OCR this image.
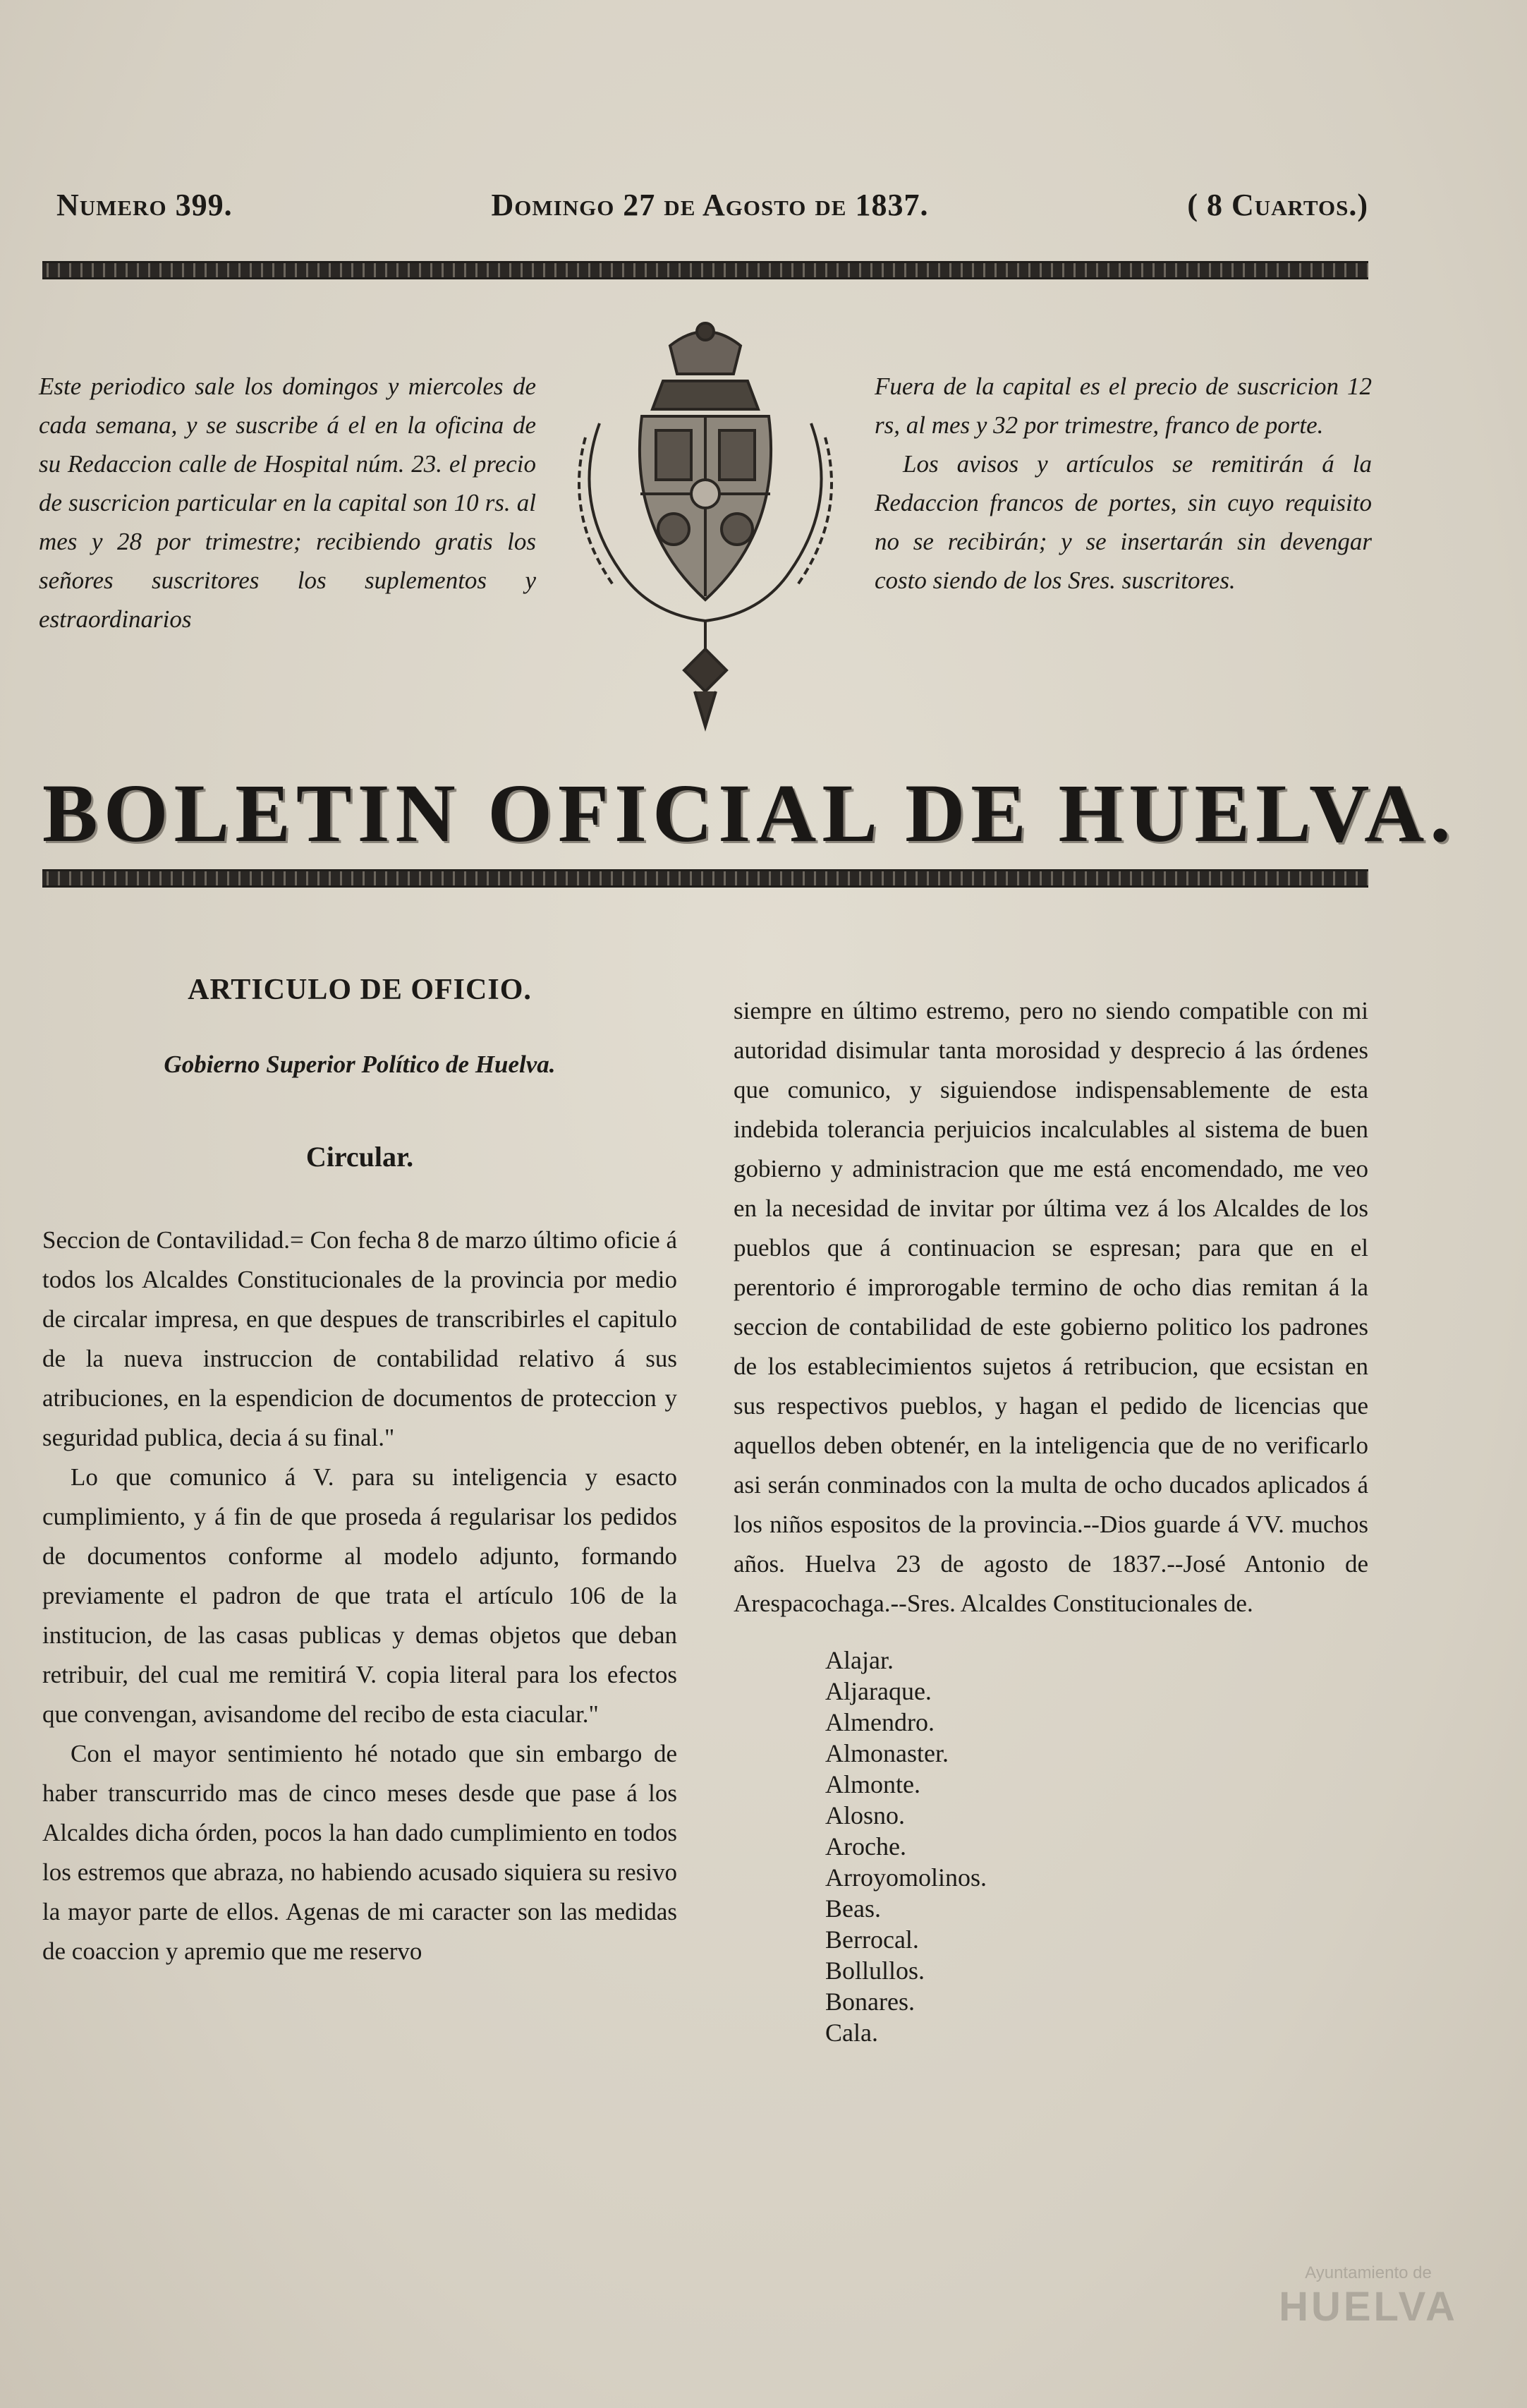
Numero 399.	Domingo 27 de Agosto de 1837.	( 8 Cuartos.)

Este periodico sale los domingos y miercoles de cada semana, y se suscribe á el en la oficina de su Redaccion calle de Hospital núm. 23. el precio de suscricion particular en la capital son 10 rs. al mes y 28 por trimestre; recibiendo gratis los señores suscritores los suplementos y estraordinarios

Fuera de la capital es el precio de suscricion 12 rs, al mes y 32 por trimestre, franco de porte.

Los avisos y artículos se remitirán á la Redaccion francos de portes, sin cuyo requisito no se recibirán; y se insertarán sin devengar costo siendo de los Sres. suscritores.

BOLETIN OFICIAL DE HUELVA.
ARTICULO DE OFICIO.
Gobierno Superior Político de Huelva.
Circular.

Seccion de Contavilidad.= Con fecha 8 de marzo último oficie á todos los Alcaldes Constitucionales de la provincia por medio de circalar impresa, en que despues de transcribirles el capitulo de la nueva instruccion de contabilidad relativo á sus atribuciones, en la espendicion de documentos de proteccion y seguridad publica, decia á su final."

Lo que comunico á V. para su inteligencia y esacto cumplimiento, y á fin de que proseda á regularisar los pedidos de documentos conforme al modelo adjunto, formando previamente el padron de que trata el artículo 106 de la institucion, de las casas publicas y demas objetos que deban retribuir, del cual me remitirá V. copia literal para los efectos que convengan, avisandome del recibo de esta ciacular."

Con el mayor sentimiento hé notado que sin embargo de haber transcurrido mas de cinco meses desde que pase á los Alcaldes dicha órden, pocos la han dado cumplimiento en todos los estremos que abraza, no habiendo acusado siquiera su resivo la mayor parte de ellos. Agenas de mi caracter son las medidas de coaccion y apremio que me reservo

siempre en último estremo, pero no siendo compatible con mi autoridad disimular tanta morosidad y desprecio á las órdenes que comunico, y siguiendose indispensablemente de esta indebida tolerancia perjuicios incalculables al sistema de buen gobierno y administracion que me está encomendado, me veo en la necesidad de invitar por última vez á los Alcaldes de los pueblos que á continuacion se espresan; para que en el perentorio é improrogable termino de ocho dias remitan á la seccion de contabilidad de este gobierno politico los padrones de los establecimientos sujetos á retribucion, que ecsistan en sus respectivos pueblos, y hagan el pedido de licencias que aquellos deben obtenér, en la inteligencia que de no verificarlo asi serán conminados con la multa de ocho ducados aplicados á los niños espositos de la provincia.--Dios guarde á VV. muchos años. Huelva 23 de agosto de 1837.--José Antonio de Arespacochaga.--Sres. Alcaldes Constitucionales de.

Alajar.
Aljaraque.
Almendro.
Almonaster.
Almonte.
Alosno.
Aroche.
Arroyomolinos.
Beas.
Berrocal.
Bollullos.
Bonares.
Cala.
Ayuntamiento de
HUELVA
